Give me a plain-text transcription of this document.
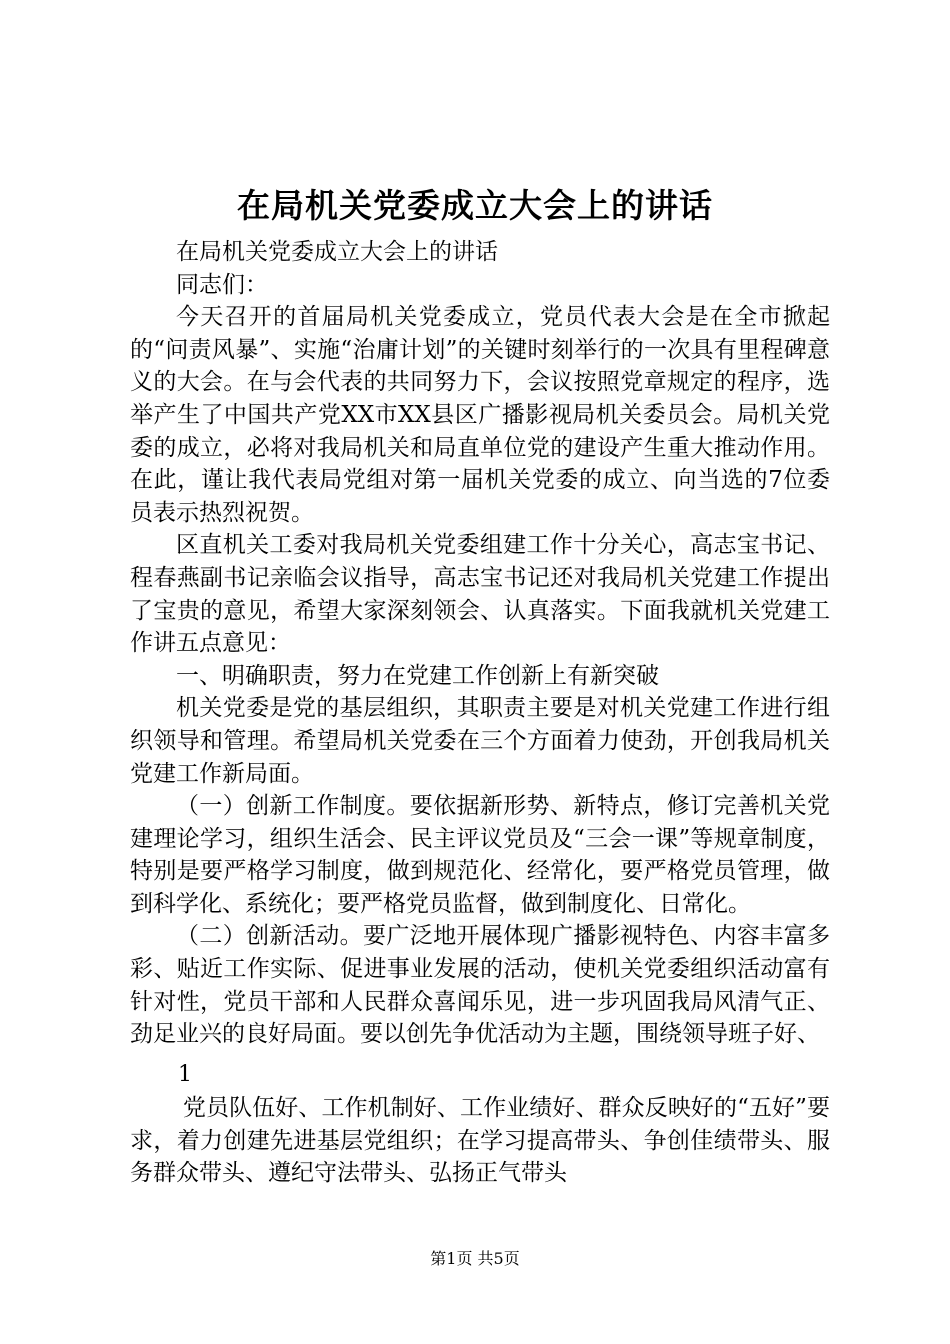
在局机关党委成立大会上的讲话

在局机关党委成立大会上的讲话

同志们：

今天召开的首届局机关党委成立，党员代表大会是在全市掀起的“问责风暴”、实施“治庸计划”的关键时刻举行的一次具有里程碑意义的大会。在与会代表的共同努力下，会议按照党章规定的程序，选举产生了中国共产党XX市XX县区广播影视局机关委员会。局机关党委的成立，必将对我局机关和局直单位党的建设产生重大推动作用。在此，谨让我代表局党组对第一届机关党委的成立、向当选的7位委员表示热烈祝贺。

区直机关工委对我局机关党委组建工作十分关心，高志宝书记、程春燕副书记亲临会议指导，高志宝书记还对我局机关党建工作提出了宝贵的意见，希望大家深刻领会、认真落实。下面我就机关党建工作讲五点意见：

一、明确职责，努力在党建工作创新上有新突破

机关党委是党的基层组织，其职责主要是对机关党建工作进行组织领导和管理。希望局机关党委在三个方面着力使劲，开创我局机关党建工作新局面。

（一）创新工作制度。要依据新形势、新特点，修订完善机关党建理论学习，组织生活会、民主评议党员及“三会一课”等规章制度，特别是要严格学习制度，做到规范化、经常化，要严格党员管理，做到科学化、系统化；要严格党员监督，做到制度化、日常化。

（二）创新活动。要广泛地开展体现广播影视特色、内容丰富多彩、贴近工作实际、促进事业发展的活动，使机关党委组织活动富有针对性，党员干部和人民群众喜闻乐见，进一步巩固我局风清气正、劲足业兴的良好局面。要以创先争优活动为主题，围绕领导班子好、

1

党员队伍好、工作机制好、工作业绩好、群众反映好的“五好”要求，着力创建先进基层党组织；在学习提高带头、争创佳绩带头、服务群众带头、遵纪守法带头、弘扬正气带头

第1页 共5页
